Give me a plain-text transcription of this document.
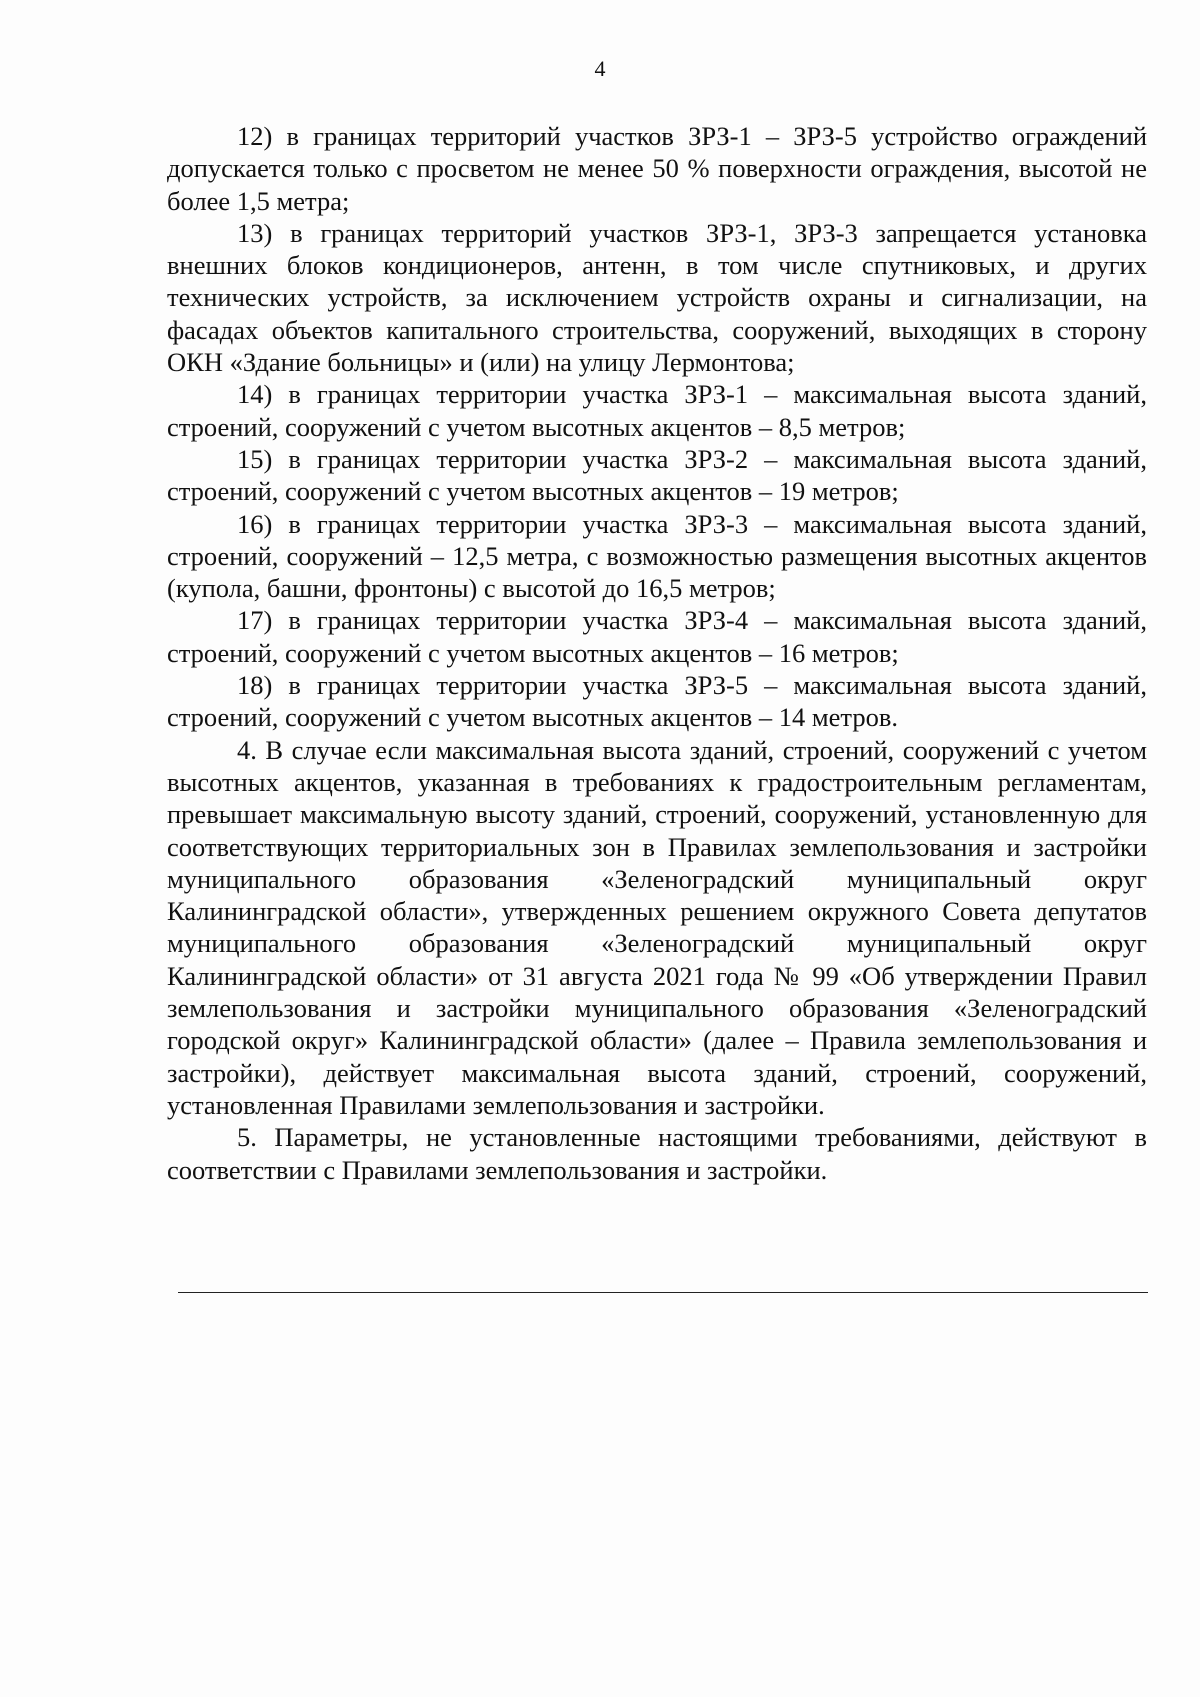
4

12) в границах территорий участков ЗРЗ-1 – ЗРЗ-5 устройство ограждений допускается только с просветом не менее 50 % поверхности ограждения, высотой не более 1,5 метра;

13) в границах территорий участков ЗРЗ-1, ЗРЗ-3 запрещается установка внешних блоков кондиционеров, антенн, в том числе спутниковых, и других технических устройств, за исключением устройств охраны и сигнализации, на фасадах объектов капитального строительства, сооружений, выходящих в сторону ОКН «Здание больницы» и (или) на улицу Лермонтова;

14) в границах территории участка ЗРЗ-1 – максимальная высота зданий, строений, сооружений с учетом высотных акцентов – 8,5 метров;

15) в границах территории участка ЗРЗ-2 – максимальная высота зданий, строений, сооружений с учетом высотных акцентов – 19 метров;

16) в границах территории участка ЗРЗ-3 – максимальная высота зданий, строений, сооружений – 12,5 метра, с возможностью размещения высотных акцентов (купола, башни, фронтоны) с высотой до 16,5 метров;

17) в границах территории участка ЗРЗ-4 – максимальная высота зданий, строений, сооружений с учетом высотных акцентов – 16 метров;

18) в границах территории участка ЗРЗ-5 – максимальная высота зданий, строений, сооружений с учетом высотных акцентов – 14 метров.

4. В случае если максимальная высота зданий, строений, сооружений с учетом высотных акцентов, указанная в требованиях к градостроительным регламентам, превышает максимальную высоту зданий, строений, сооружений, установленную для соответствующих территориальных зон в Правилах землепользования и застройки муниципального образования «Зеленоградский муниципальный округ Калининградской области», утвержденных решением окружного Совета депутатов муниципального образования «Зеленоградский муниципальный округ Калининградской области» от 31 августа 2021 года № 99 «Об утверждении Правил землепользования и застройки муниципального образования «Зеленоградский городской округ» Калининградской области» (далее – Правила землепользования и застройки), действует максимальная высота зданий, строений, сооружений, установленная Правилами землепользования и застройки.

5. Параметры, не установленные настоящими требованиями, действуют в соответствии с Правилами землепользования и застройки.
